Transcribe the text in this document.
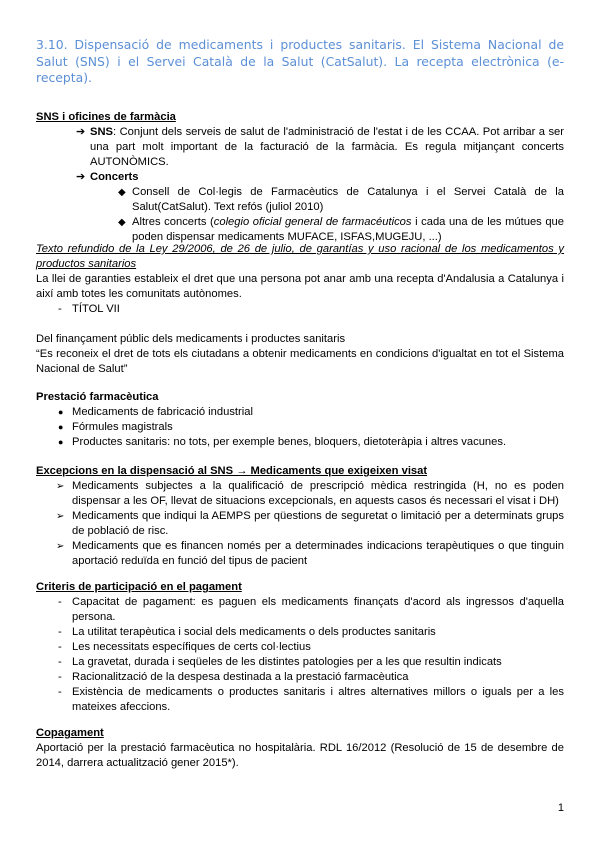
3.10. Dispensació de medicaments i productes sanitaris. El Sistema Nacional de Salut (SNS) i el Servei Català de la Salut (CatSalut). La recepta electrònica (e-recepta).
SNS i oficines de farmàcia
➔ SNS: Conjunt dels serveis de salut de l'administració de l'estat i de les CCAA. Pot arribar a ser una part molt important de la facturació de la farmàcia. Es regula mitjançant concerts AUTONÒMICS.
➔ Concerts
◆ Consell de Col·legis de Farmacèutics de Catalunya i el Servei Català de la Salut(CatSalut). Text refós (juliol 2010)
◆ Altres concerts (colegio oficial general de farmacéuticos i cada una de les mútues que poden dispensar medicaments MUFACE, ISFAS,MUGEJU, ...)
Texto refundido de la Ley 29/2006, de 26 de julio, de garantías y uso racional de los medicamentos y productos sanitarios
La llei de garanties estableix el dret que una persona pot anar amb una recepta d'Andalusia a Catalunya i així amb totes les comunitats autònomes.
- TÍTOL VII
Del finançament públic dels medicaments i productes sanitaris
“Es reconeix el dret de tots els ciutadans a obtenir medicaments en condicions d'igualtat en tot el Sistema Nacional de Salut”
Prestació farmacèutica
● Medicaments de fabricació industrial
● Fórmules magistrals
● Productes sanitaris: no tots, per exemple benes, bloquers, dietoteràpia i altres vacunes.
Excepcions en la dispensació al SNS → Medicaments que exigeixen visat
➢ Medicaments subjectes a la qualificació de prescripció mèdica restringida (H, no es poden dispensar a les OF, llevat de situacions excepcionals, en aquests casos és necessari el visat i DH)
➢ Medicaments que indiqui la AEMPS per qüestions de seguretat o limitació per a determinats grups de població de risc.
➢ Medicaments que es financen només per a determinades indicacions terapèutiques o que tinguin aportació reduïda en funció del tipus de pacient
Criteris de participació en el pagament
- Capacitat de pagament: es paguen els medicaments finançats d'acord als ingressos d'aquella persona.
- La utilitat terapèutica i social dels medicaments o dels productes sanitaris
- Les necessitats específiques de certs col·lectius
- La gravetat, durada i seqüeles de les distintes patologies per a les que resultin indicats
- Racionalització de la despesa destinada a la prestació farmacèutica
- Existència de medicaments o productes sanitaris i altres alternatives millors o iguals per a les mateixes afeccions.
Copagament
Aportació per la prestació farmacèutica no hospitalària. RDL 16/2012 (Resolució de 15 de desembre de 2014, darrera actualització gener 2015*).
1
